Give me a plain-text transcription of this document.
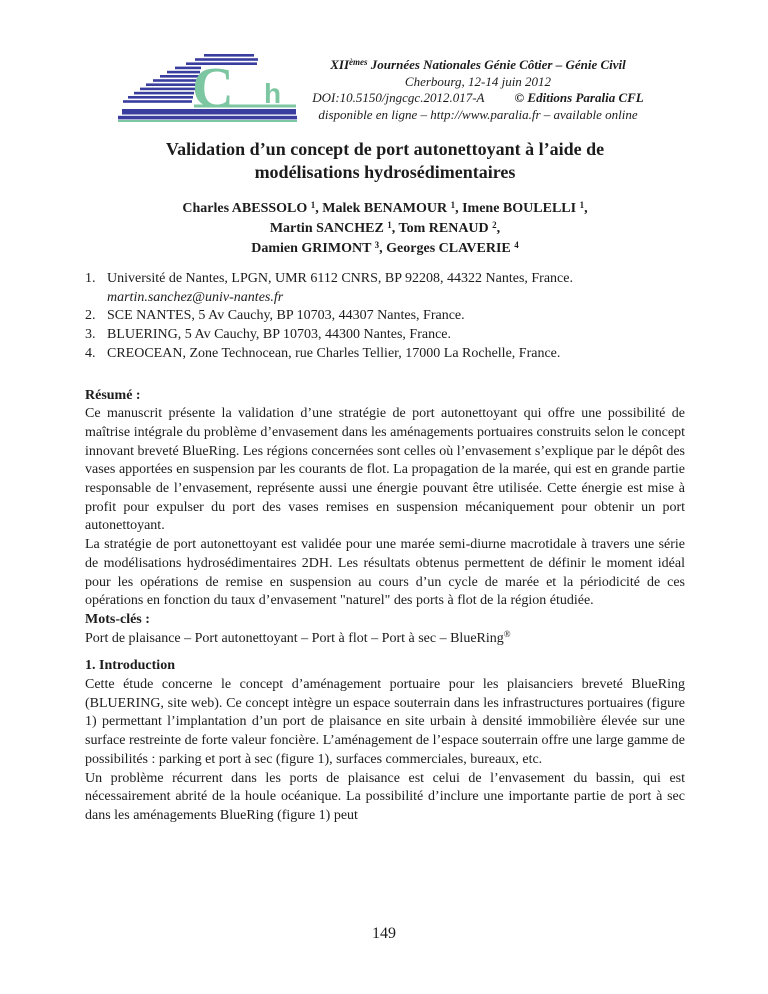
C h
XIIèmes Journées Nationales Génie Côtier – Génie Civil
Cherbourg, 12-14 juin 2012
DOI:10.5150/jngcgc.2012.017-A © Editions Paralia CFL
disponible en ligne – http://www.paralia.fr – available online
Validation d’un concept de port autonettoyant à l’aide de
modélisations hydrosédimentaires
Charles ABESSOLO $^1$, Malek BENAMOUR $^1$, Imene BOULELLI $^1$,
Martin SANCHEZ $^1$, Tom RENAUD $^2$,
Damien GRIMONT $^3$, Georges CLAVERIE $^4$
1. Université de Nantes, LPGN, UMR 6112 CNRS, BP 92208, 44322 Nantes, France.
martin.sanchez@univ-nantes.fr
2. SCE NANTES, 5 Av Cauchy, BP 10703, 44307 Nantes, France.
3. BLUERING, 5 Av Cauchy, BP 10703, 44300 Nantes, France.
4. CREOCEAN, Zone Technocean, rue Charles Tellier, 17000 La Rochelle, France.
Résumé :

Ce manuscrit présente la validation d’une stratégie de port autonettoyant qui offre une possibilité de maîtrise intégrale du problème d’envasement dans les aménagements portuaires construits selon le concept innovant breveté BlueRing. Les régions concernées sont celles où l’envasement s’explique par le dépôt des vases apportées en suspension par les courants de flot. La propagation de la marée, qui est en grande partie responsable de l’envasement, représente aussi une énergie pouvant être utilisée. Cette énergie est mise à profit pour expulser du port des vases remises en suspension mécaniquement pour obtenir un port autonettoyant.

La stratégie de port autonettoyant est validée pour une marée semi-diurne macrotidale à travers une série de modélisations hydrosédimentaires 2DH. Les résultats obtenus permettent de définir le moment idéal pour les opérations de remise en suspension au cours d’un cycle de marée et la périodicité de ces opérations en fonction du taux d’envasement "naturel" des ports à flot de la région étudiée.

Mots-clés :
Port de plaisance – Port autonettoyant – Port à flot – Port à sec – BlueRing®
1. Introduction

Cette étude concerne le concept d’aménagement portuaire pour les plaisanciers breveté BlueRing (BLUERING, site web). Ce concept intègre un espace souterrain dans les infrastructures portuaires (figure 1) permettant l’implantation d’un port de plaisance en site urbain à densité immobilière élevée sur une surface restreinte de forte valeur foncière. L’aménagement de l’espace souterrain offre une large gamme de possibilités : parking et port à sec (figure 1), surfaces commerciales, bureaux, etc.

Un problème récurrent dans les ports de plaisance est celui de l’envasement du bassin, qui est nécessairement abrité de la houle océanique. La possibilité d’inclure une importante partie de port à sec dans les aménagements BlueRing (figure 1) peut

149
